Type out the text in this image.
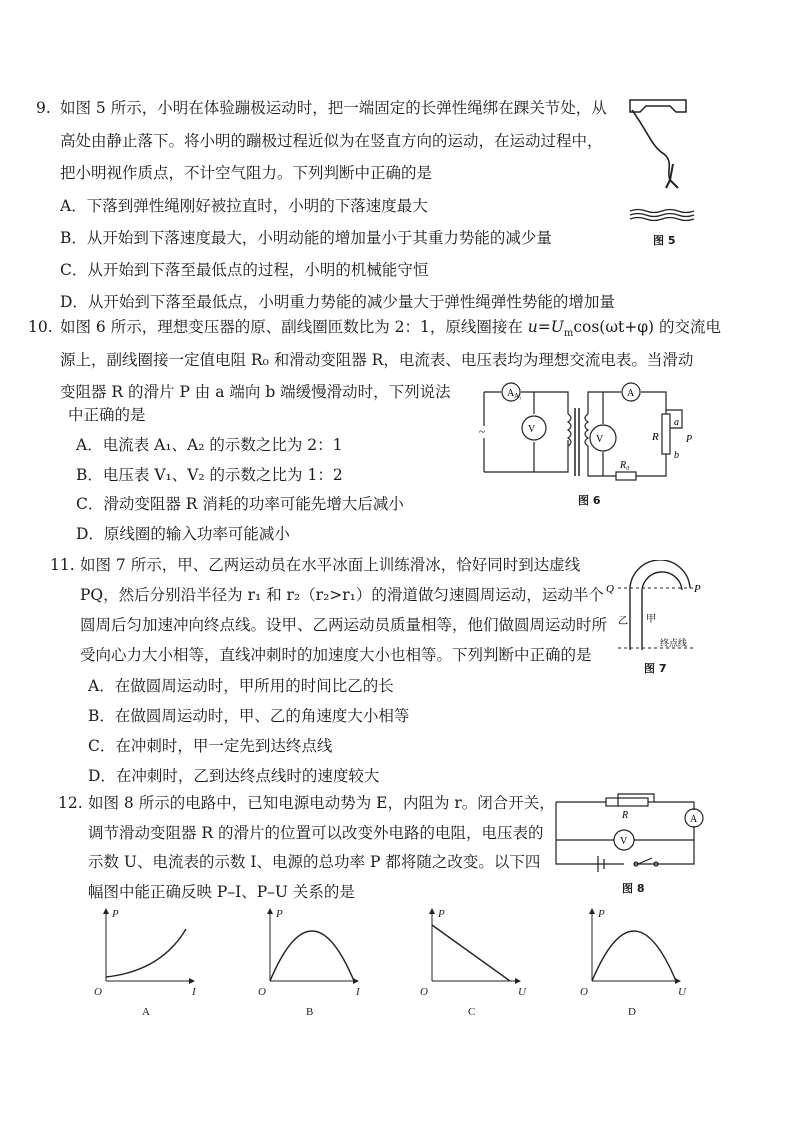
9. 如图 5 所示，小明在体验蹦极运动时，把一端固定的长弹性绳绑在踝关节处，从
高处由静止落下。将小明的蹦极过程近似为在竖直方向的运动，在运动过程中，
把小明视作质点，不计空气阻力。下列判断中正确的是
A．下落到弹性绳刚好被拉直时，小明的下落速度最大
B．从开始到下落速度最大，小明动能的增加量小于其重力势能的减少量
C．从开始到下落至最低点的过程，小明的机械能守恒
D．从开始到下落至最低点，小明重力势能的减少量大于弹性绳弹性势能的增加量
图 5
10. 如图 6 所示，理想变压器的原、副线圈匝数比为 2：1，原线圈接在 $u=U_m\cos(\omega t+\varphi)$ 的交流电
源上，副线圈接一定值电阻 R₀ 和滑动变阻器 R，电流表、电压表均为理想交流电表。当滑动
变阻器 R 的滑片 P 由 a 端向 b 端缓慢滑动时，下列说法
中正确的是
A．电流表 A₁、A₂ 的示数之比为 2：1
B．电压表 V₁、V₂ 的示数之比为 1：2
C．滑动变阻器 R 消耗的功率可能先增大后减小
D．原线圈的输入功率可能减小
A A₁	A
V
V
~	R
a
b
P
R₀
图 6
11. 如图 7 所示，甲、乙两运动员在水平冰面上训练滑冰，恰好同时到达虚线
PQ，然后分别沿半径为 r₁ 和 r₂（r₂>r₁）的滑道做匀速圆周运动，运动半个
圆周后匀加速冲向终点线。设甲、乙两运动员质量相等，他们做圆周运动时所
受向心力大小相等，直线冲刺时的加速度大小也相等。下列判断中正确的是
A．在做圆周运动时，甲所用的时间比乙的长
B．在做圆周运动时，甲、乙的角速度大小相等
C．在冲刺时，甲一定先到达终点线
D．在冲刺时，乙到达终点线时的速度较大
Q	P
乙 甲
终点线
图 7
12. 如图 8 所示的电路中，已知电源电动势为 E，内阻为 r。闭合开关，
调节滑动变阻器 R 的滑片的位置可以改变外电路的电阻，电压表的
示数 U、电流表的示数 I、电源的总功率 P 都将随之改变。以下四
幅图中能正确反映 P–I、P–U 关系的是
R	A
V
图 8
P
O	I
A
P
O	I
B
P
O	U
C
P
O	U
D
